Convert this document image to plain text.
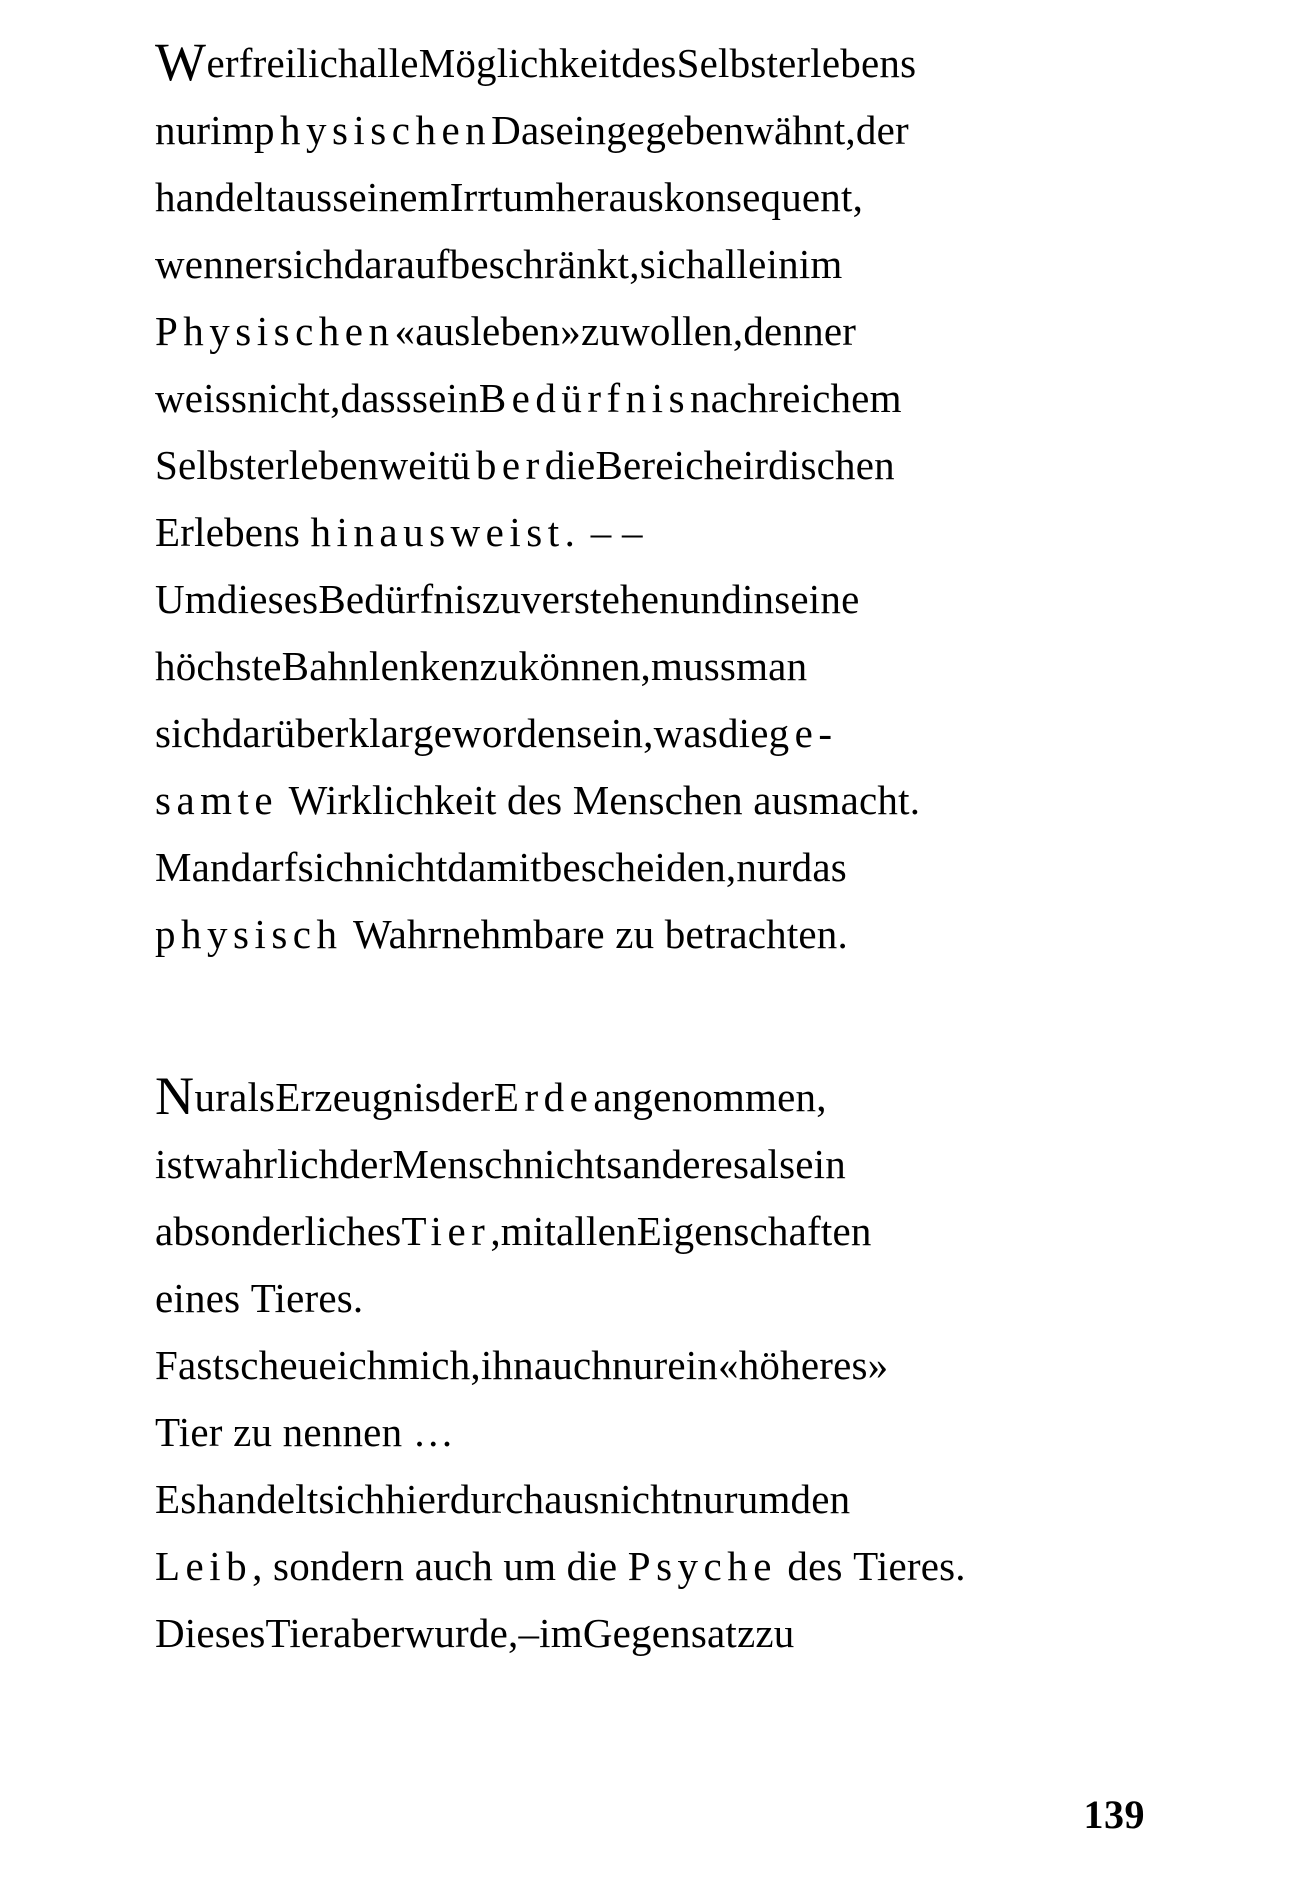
WerfreilichalleMöglichkeitdesSelbsterlebens
nurimphysischenDaseingegebenwähnt,der
handeltausseinemIrrtumherauskonsequent,
wennersichdaraufbeschränkt,sichalleinim
Physischen«ausleben»zuwollen,denner
weissnicht,dassseinBedürfnisnachreichem
SelbsterlebenweitüberdieBereicheirdischen
Erlebens hinausweist. – –

UmdiesesBedürfniszuverstehenundinseine
höchsteBahnlenkenzukönnen,mussman
sichdarüberklargewordensein,wasdiege-
samte Wirklichkeit des Menschen ausmacht.

Mandarfsichnichtdamitbescheiden,nurdas
physisch Wahrnehmbare zu betrachten.

NuralsErzeugnisderErdeangenommen,
istwahrlichderMenschnichtsanderesalsein
absonderlichesTier,mitallenEigenschaften
eines Tieres.

Fastscheueichmich,ihnauchnurein«höheres»
Tier zu nennen …

Eshandeltsichhierdurchausnichtnurumden
Leib, sondern auch um die Psyche des Tieres.

DiesesTieraberwurde,–imGegensatzzu

139
